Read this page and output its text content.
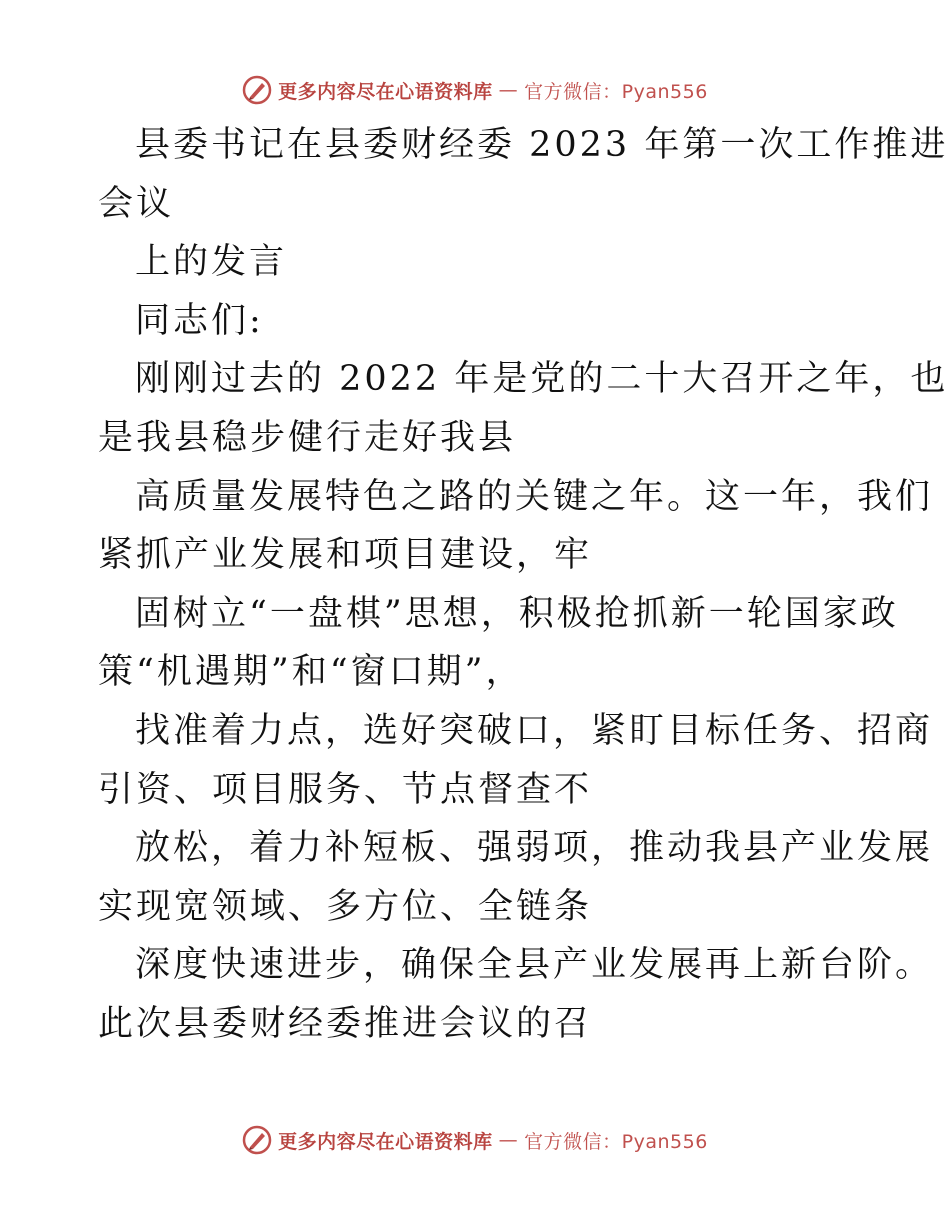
更多内容尽在心语资料库 — 官方微信：Pyan556
县委书记在县委财经委 2023 年第一次工作推进
会议
上的发言
同志们:
刚刚过去的 2022 年是党的二十大召开之年，也
是我县稳步健行走好我县
高质量发展特色之路的关键之年。这一年，我们
紧抓产业发展和项目建设，牢
固树立“一盘棋”思想，积极抢抓新一轮国家政
策“机遇期”和“窗口期”，
找准着力点，选好突破口，紧盯目标任务、招商
引资、项目服务、节点督查不
放松，着力补短板、强弱项，推动我县产业发展
实现宽领域、多方位、全链条
深度快速进步，确保全县产业发展再上新台阶。
此次县委财经委推进会议的召
更多内容尽在心语资料库 — 官方微信：Pyan556
